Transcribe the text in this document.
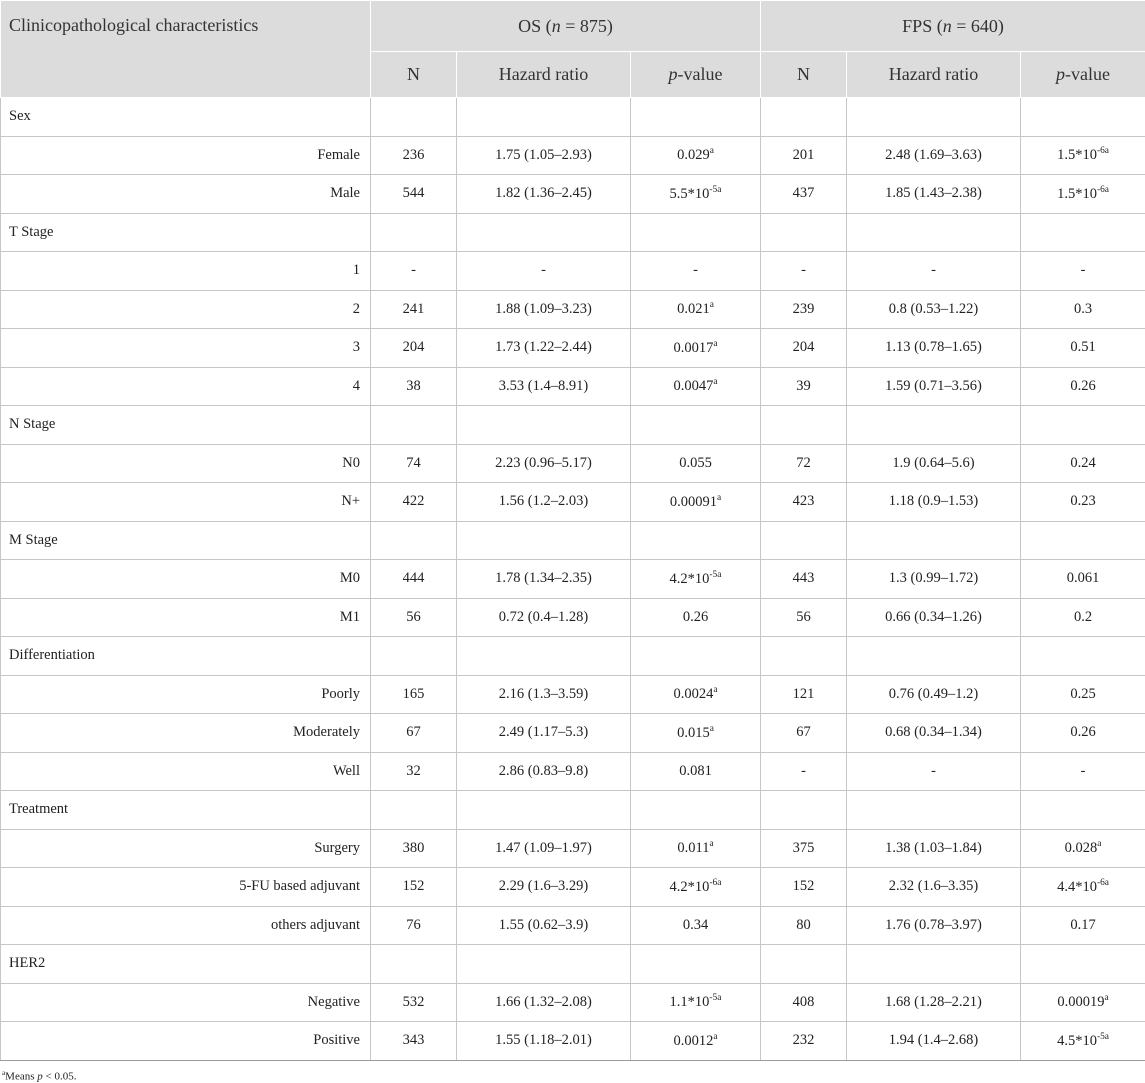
Clinicopathological characteristics	OS (n = 875)			FPS (n = 640)		
	N	Hazard ratio	p-value	N	Hazard ratio	p-value
Sex						
Female	236	1.75 (1.05–2.93)	0.029$^a$	201	2.48 (1.69–3.63)	$1.5*10^{-6a}$
Male	544	1.82 (1.36–2.45)	$5.5*10^{-5a}$	437	1.85 (1.43–2.38)	$1.5*10^{-6a}$
T Stage						
1	-	-	-	-	-	-
2	241	1.88 (1.09–3.23)	0.021$^a$	239	0.8 (0.53–1.22)	0.3
3	204	1.73 (1.22–2.44)	0.0017$^a$	204	1.13 (0.78–1.65)	0.51
4	38	3.53 (1.4–8.91)	0.0047$^a$	39	1.59 (0.71–3.56)	0.26
N Stage						
N0	74	2.23 (0.96–5.17)	0.055	72	1.9 (0.64–5.6)	0.24
N+	422	1.56 (1.2–2.03)	0.00091$^a$	423	1.18 (0.9–1.53)	0.23
M Stage						
M0	444	1.78 (1.34–2.35)	$4.2*10^{-5a}$	443	1.3 (0.99–1.72)	0.061
M1	56	0.72 (0.4–1.28)	0.26	56	0.66 (0.34–1.26)	0.2
Differentiation						
Poorly	165	2.16 (1.3–3.59)	0.0024$^a$	121	0.76 (0.49–1.2)	0.25
Moderately	67	2.49 (1.17–5.3)	0.015$^a$	67	0.68 (0.34–1.34)	0.26
Well	32	2.86 (0.83–9.8)	0.081	-	-	-
Treatment						
Surgery	380	1.47 (1.09–1.97)	0.011$^a$	375	1.38 (1.03–1.84)	0.028$^a$
5-FU based adjuvant	152	2.29 (1.6–3.29)	$4.2*10^{-6a}$	152	2.32 (1.6–3.35)	$4.4*10^{-6a}$
others adjuvant	76	1.55 (0.62–3.9)	0.34	80	1.76 (0.78–3.97)	0.17
HER2						
Negative	532	1.66 (1.32–2.08)	$1.1*10^{-5a}$	408	1.68 (1.28–2.21)	0.00019$^a$
Positive	343	1.55 (1.18–2.01)	0.0012$^a$	232	1.94 (1.4–2.68)	$4.5*10^{-5a}$
$^a$Means p < 0.05.
